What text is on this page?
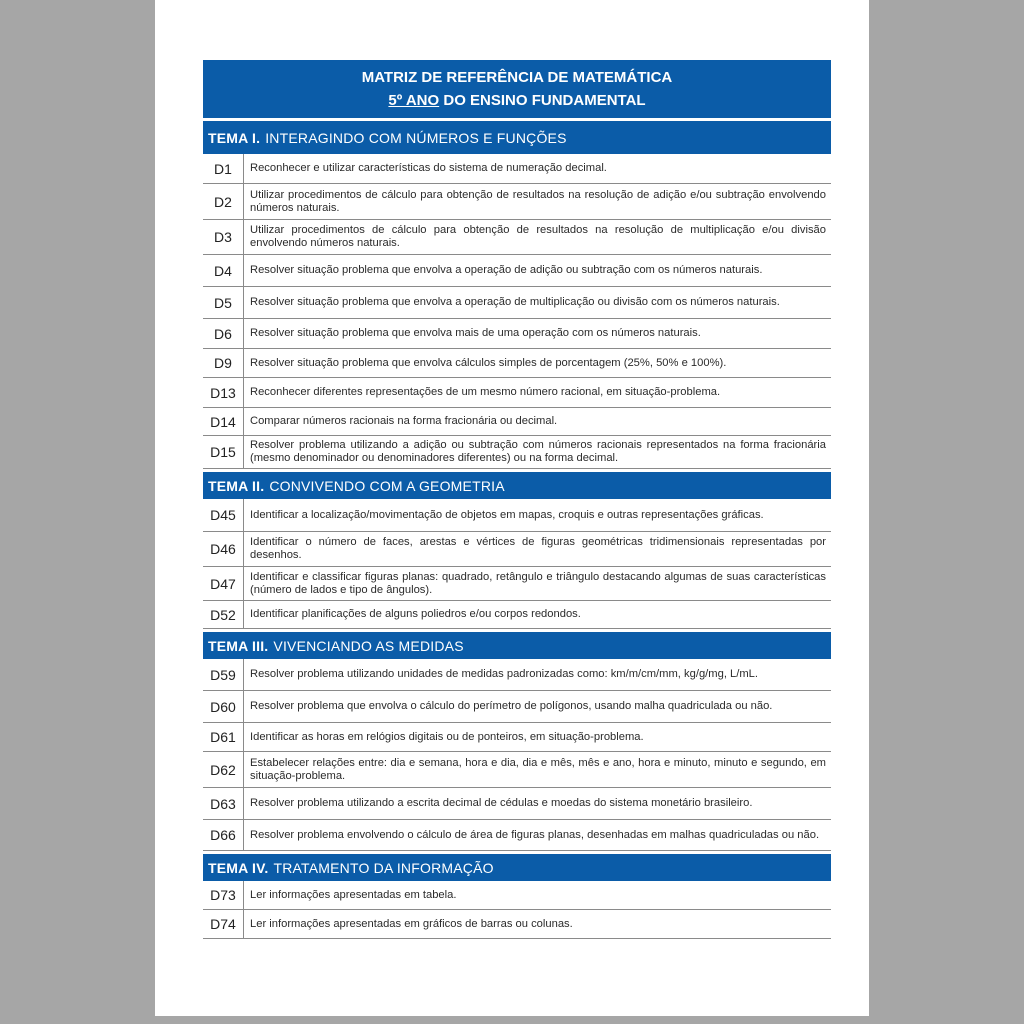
MATRIZ DE REFERÊNCIA DE MATEMÁTICA
5º ANO DO ENSINO FUNDAMENTAL
TEMA I. INTERAGINDO COM NÚMEROS E FUNÇÕES
D1	Reconhecer e utilizar características do sistema de numeração decimal.
D2	Utilizar procedimentos de cálculo para obtenção de resultados na resolução de adição e/ou subtração envolvendo números naturais.
D3	Utilizar procedimentos de cálculo para obtenção de resultados na resolução de multiplicação e/ou divisão envolvendo números naturais.
D4	Resolver situação problema que envolva a operação de adição ou subtração com os números naturais.
D5	Resolver situação problema que envolva a operação de multiplicação ou divisão com os números naturais.
D6	Resolver situação problema que envolva mais de uma operação com os números naturais.
D9	Resolver situação problema que envolva cálculos simples de porcentagem (25%, 50% e 100%).
D13	Reconhecer diferentes representações de um mesmo número racional, em situação-problema.
D14	Comparar números racionais na forma fracionária ou decimal.
D15	Resolver problema utilizando a adição ou subtração com números racionais representados na forma fracionária (mesmo denominador ou denominadores diferentes) ou na forma decimal.
TEMA II. CONVIVENDO COM A GEOMETRIA
D45	Identificar a localização/movimentação de objetos em mapas, croquis e outras representações gráficas.
D46	Identificar o número de faces, arestas e vértices de figuras geométricas tridimensionais representadas por desenhos.
D47	Identificar e classificar figuras planas: quadrado, retângulo e triângulo destacando algumas de suas características (número de lados e tipo de ângulos).
D52	Identificar planificações de alguns poliedros e/ou corpos redondos.
TEMA III. VIVENCIANDO AS MEDIDAS
D59	Resolver problema utilizando unidades de medidas padronizadas como: km/m/cm/mm, kg/g/mg, L/mL.
D60	Resolver problema que envolva o cálculo do perímetro de polígonos, usando malha quadriculada ou não.
D61	Identificar as horas em relógios digitais ou de ponteiros, em situação-problema.
D62	Estabelecer relações entre: dia e semana, hora e dia, dia e mês, mês e ano, hora e minuto, minuto e segundo, em situação-problema.
D63	Resolver problema utilizando a escrita decimal de cédulas e moedas do sistema monetário brasileiro.
D66	Resolver problema envolvendo o cálculo de área de figuras planas, desenhadas em malhas quadriculadas ou não.
TEMA IV. TRATAMENTO DA INFORMAÇÃO
D73	Ler informações apresentadas em tabela.
D74	Ler informações apresentadas em gráficos de barras ou colunas.
